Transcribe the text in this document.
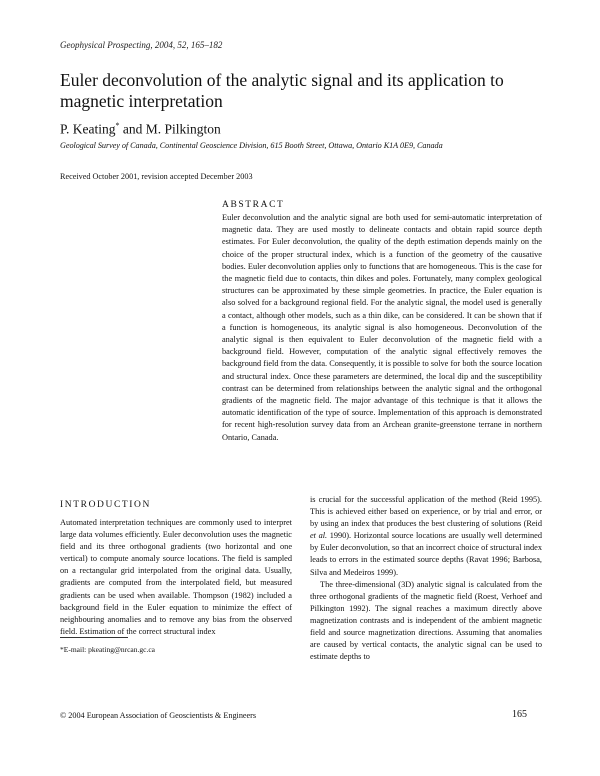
Geophysical Prospecting, 2004, 52, 165–182
Euler deconvolution of the analytic signal and its application to magnetic interpretation
P. Keating* and M. Pilkington
Geological Survey of Canada, Continental Geoscience Division, 615 Booth Street, Ottawa, Ontario K1A 0E9, Canada
Received October 2001, revision accepted December 2003
ABSTRACT

Euler deconvolution and the analytic signal are both used for semi-automatic interpretation of magnetic data. They are used mostly to delineate contacts and obtain rapid source depth estimates. For Euler deconvolution, the quality of the depth estimation depends mainly on the choice of the proper structural index, which is a function of the geometry of the causative bodies. Euler deconvolution applies only to functions that are homogeneous. This is the case for the magnetic field due to contacts, thin dikes and poles. Fortunately, many complex geological structures can be approximated by these simple geometries. In practice, the Euler equation is also solved for a background regional field. For the analytic signal, the model used is generally a contact, although other models, such as a thin dike, can be considered. It can be shown that if a function is homogeneous, its analytic signal is also homogeneous. Deconvolution of the analytic signal is then equivalent to Euler deconvolution of the magnetic field with a background field. However, computation of the analytic signal effectively removes the background field from the data. Consequently, it is possible to solve for both the source location and structural index. Once these parameters are determined, the local dip and the susceptibility contrast can be determined from relationships between the analytic signal and the orthogonal gradients of the magnetic field. The major advantage of this technique is that it allows the automatic identification of the type of source. Implementation of this approach is demonstrated for recent high-resolution survey data from an Archean granite-greenstone terrane in northern Ontario, Canada.

INTRODUCTION

Automated interpretation techniques are commonly used to interpret large data volumes efficiently. Euler deconvolution uses the magnetic field and its three orthogonal gradients (two horizontal and one vertical) to compute anomaly source locations. The field is sampled on a rectangular grid interpolated from the original data. Usually, gradients are computed from the interpolated field, but measured gradients can be used when available. Thompson (1982) included a background field in the Euler equation to minimize the effect of neighbouring anomalies and to remove any bias from the observed field. Estimation of the correct structural index

is crucial for the successful application of the method (Reid 1995). This is achieved either based on experience, or by trial and error, or by using an index that produces the best clustering of solutions (Reid et al. 1990). Horizontal source locations are usually well determined by Euler deconvolution, so that an incorrect choice of structural index leads to errors in the estimated source depths (Ravat 1996; Barbosa, Silva and Medeiros 1999).

The three-dimensional (3D) analytic signal is calculated from the three orthogonal gradients of the magnetic field (Roest, Verhoef and Pilkington 1992). The signal reaches a maximum directly above magnetization contrasts and is independent of the ambient magnetic field and source magnetization directions. Assuming that anomalies are caused by vertical contacts, the analytic signal can be used to estimate depths to

*E-mail: pkeating@nrcan.gc.ca
© 2004 European Association of Geoscientists & Engineers	165
